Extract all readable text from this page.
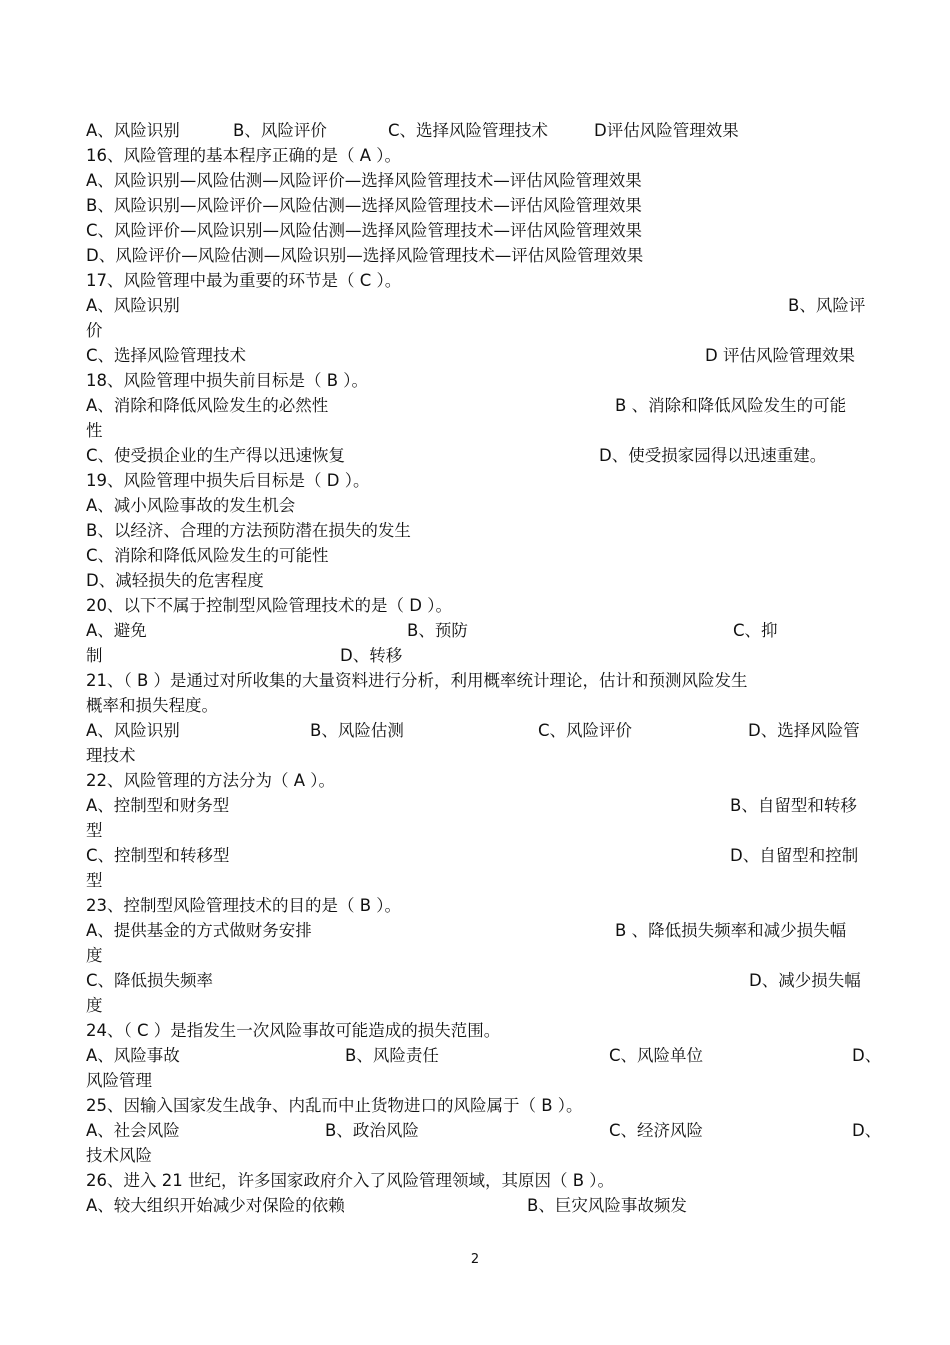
A、风险识别	B、风险评价	C、选择风险管理技术	D评估风险管理效果
16、风险管理的基本程序正确的是（ A ）。
A、风险识别—风险估测—风险评价—选择风险管理技术—评估风险管理效果
B、风险识别—风险评价—风险估测—选择风险管理技术—评估风险管理效果
C、风险评价—风险识别—风险估测—选择风险管理技术—评估风险管理效果
D、风险评价—风险估测—风险识别—选择风险管理技术—评估风险管理效果
17、风险管理中最为重要的环节是（ C ）。
A、风险识别	B、风险评
价
C、选择风险管理技术	D 评估风险管理效果
18、风险管理中损失前目标是（ B ）。
A、消除和降低风险发生的必然性	B 、消除和降低风险发生的可能
性
C、使受损企业的生产得以迅速恢复	D、使受损家园得以迅速重建。
19、风险管理中损失后目标是（ D ）。
A、减小风险事故的发生机会
B、以经济、合理的方法预防潜在损失的发生
C、消除和降低风险发生的可能性
D、减轻损失的危害程度
20、以下不属于控制型风险管理技术的是（ D ）。
A、避免	B、预防	C、抑
制	D、转移
21、（ B ）是通过对所收集的大量资料进行分析，利用概率统计理论，估计和预测风险发生
概率和损失程度。
A、风险识别	B、风险估测	C、风险评价	D、选择风险管
理技术
22、风险管理的方法分为（ A ）。
A、控制型和财务型	B、自留型和转移
型
C、控制型和转移型	D、自留型和控制
型
23、控制型风险管理技术的目的是（ B ）。
A、提供基金的方式做财务安排	B 、降低损失频率和减少损失幅
度
C、降低损失频率	D、减少损失幅
度
24、（ C ）是指发生一次风险事故可能造成的损失范围。
A、风险事故	B、风险责任	C、风险单位	D、
风险管理
25、因输入国家发生战争、内乱而中止货物进口的风险属于（ B ）。
A、社会风险	B、政治风险	C、经济风险	D、
技术风险
26、进入 21 世纪，许多国家政府介入了风险管理领域，其原因（ B ）。
A、较大组织开始减少对保险的依赖	B、巨灾风险事故频发
2
